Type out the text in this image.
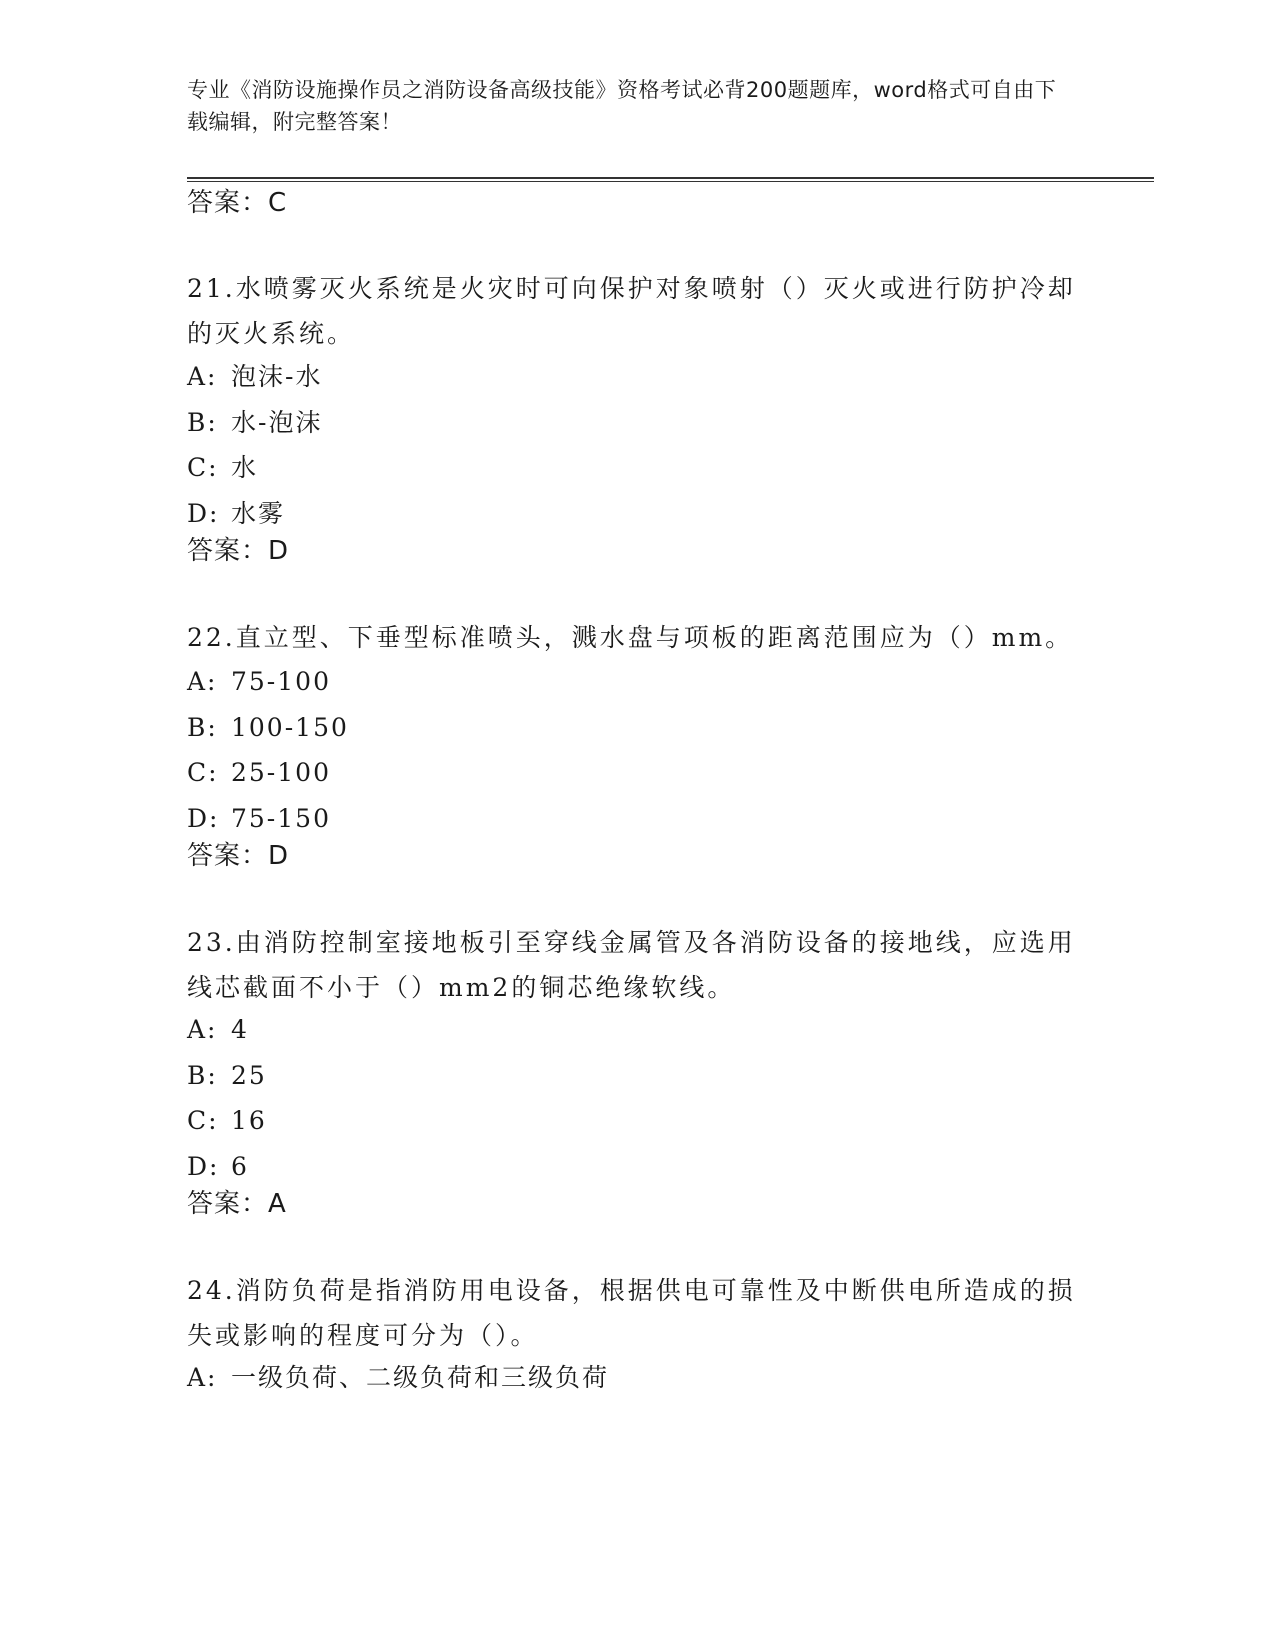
专业《消防设施操作员之消防设备高级技能》资格考试必背200题题库，word格式可自由下载编辑，附完整答案！

答案：C

21.水喷雾灭火系统是火灾时可向保护对象喷射（）灭火或进行防护冷却的灭火系统。

A: 泡沫-水
B: 水-泡沫
C: 水
D: 水雾

答案：D

22.直立型、下垂型标准喷头，溅水盘与项板的距离范围应为（）mm。

A: 75-100
B: 100-150
C: 25-100
D: 75-150

答案：D

23.由消防控制室接地板引至穿线金属管及各消防设备的接地线，应选用线芯截面不小于（）mm2的铜芯绝缘软线。

A: 4
B: 25
C: 16
D: 6

答案：A

24.消防负荷是指消防用电设备，根据供电可靠性及中断供电所造成的损失或影响的程度可分为（）。

A: 一级负荷、二级负荷和三级负荷
